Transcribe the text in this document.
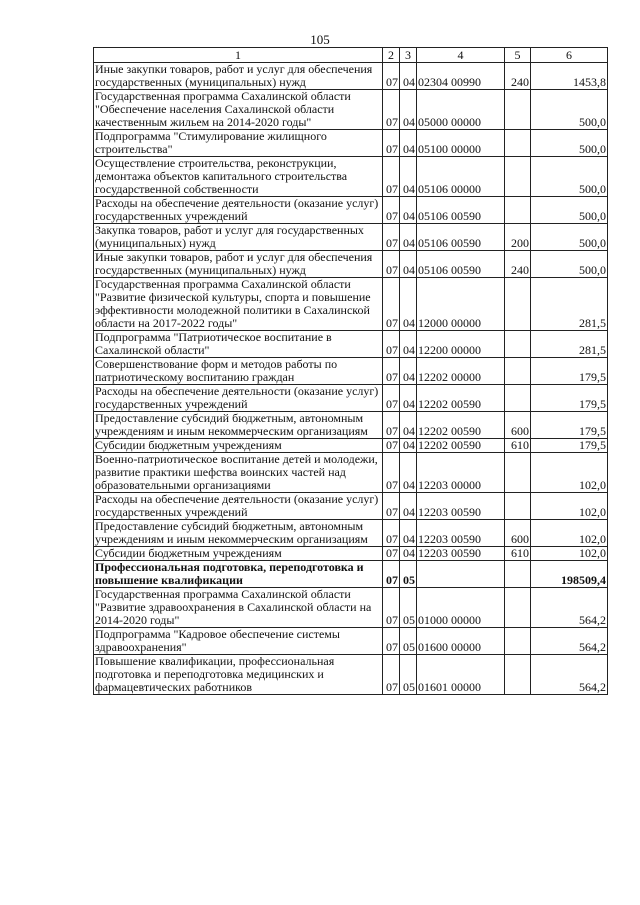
105
1	2	3	4	5	6
Иные закупки товаров, работ и услуг для обеспечения государственных (муниципальных) нужд	07	04	02304 00990	240	1453,8
Государственная программа Сахалинской области "Обеспечение населения Сахалинской области качественным жильем на 2014-2020 годы"	07	04	05000 00000		500,0
Подпрограмма "Стимулирование жилищного строительства"	07	04	05100 00000		500,0
Осуществление строительства, реконструкции, демонтажа объектов капитального строительства государственной собственности	07	04	05106 00000		500,0
Расходы на обеспечение деятельности (оказание услуг) государственных учреждений	07	04	05106 00590		500,0
Закупка товаров, работ и услуг для государственных (муниципальных) нужд	07	04	05106 00590	200	500,0
Иные закупки товаров, работ и услуг для обеспечения государственных (муниципальных) нужд	07	04	05106 00590	240	500,0
Государственная программа Сахалинской области "Развитие физической культуры, спорта и повышение эффективности молодежной политики в Сахалинской области на 2017-2022 годы"	07	04	12000 00000		281,5
Подпрограмма "Патриотическое воспитание в Сахалинской области"	07	04	12200 00000		281,5
Совершенствование форм и методов работы по патриотическому воспитанию граждан	07	04	12202 00000		179,5
Расходы на обеспечение деятельности (оказание услуг) государственных учреждений	07	04	12202 00590		179,5
Предоставление субсидий бюджетным, автономным учреждениям и иным некоммерческим организациям	07	04	12202 00590	600	179,5
Субсидии бюджетным учреждениям	07	04	12202 00590	610	179,5
Военно-патриотическое воспитание детей и молодежи, развитие практики шефства воинских частей над образовательными организациями	07	04	12203 00000		102,0
Расходы на обеспечение деятельности (оказание услуг) государственных учреждений	07	04	12203 00590		102,0
Предоставление субсидий бюджетным, автономным учреждениям и иным некоммерческим организациям	07	04	12203 00590	600	102,0
Субсидии бюджетным учреждениям	07	04	12203 00590	610	102,0
Профессиональная подготовка, переподготовка и повышение квалификации	07	05			198509,4
Государственная программа Сахалинской области "Развитие здравоохранения в Сахалинской области на 2014-2020 годы"	07	05	01000 00000		564,2
Подпрограмма "Кадровое обеспечение системы здравоохранения"	07	05	01600 00000		564,2
Повышение квалификации, профессиональная подготовка и переподготовка медицинских и фармацевтических работников	07	05	01601 00000		564,2
